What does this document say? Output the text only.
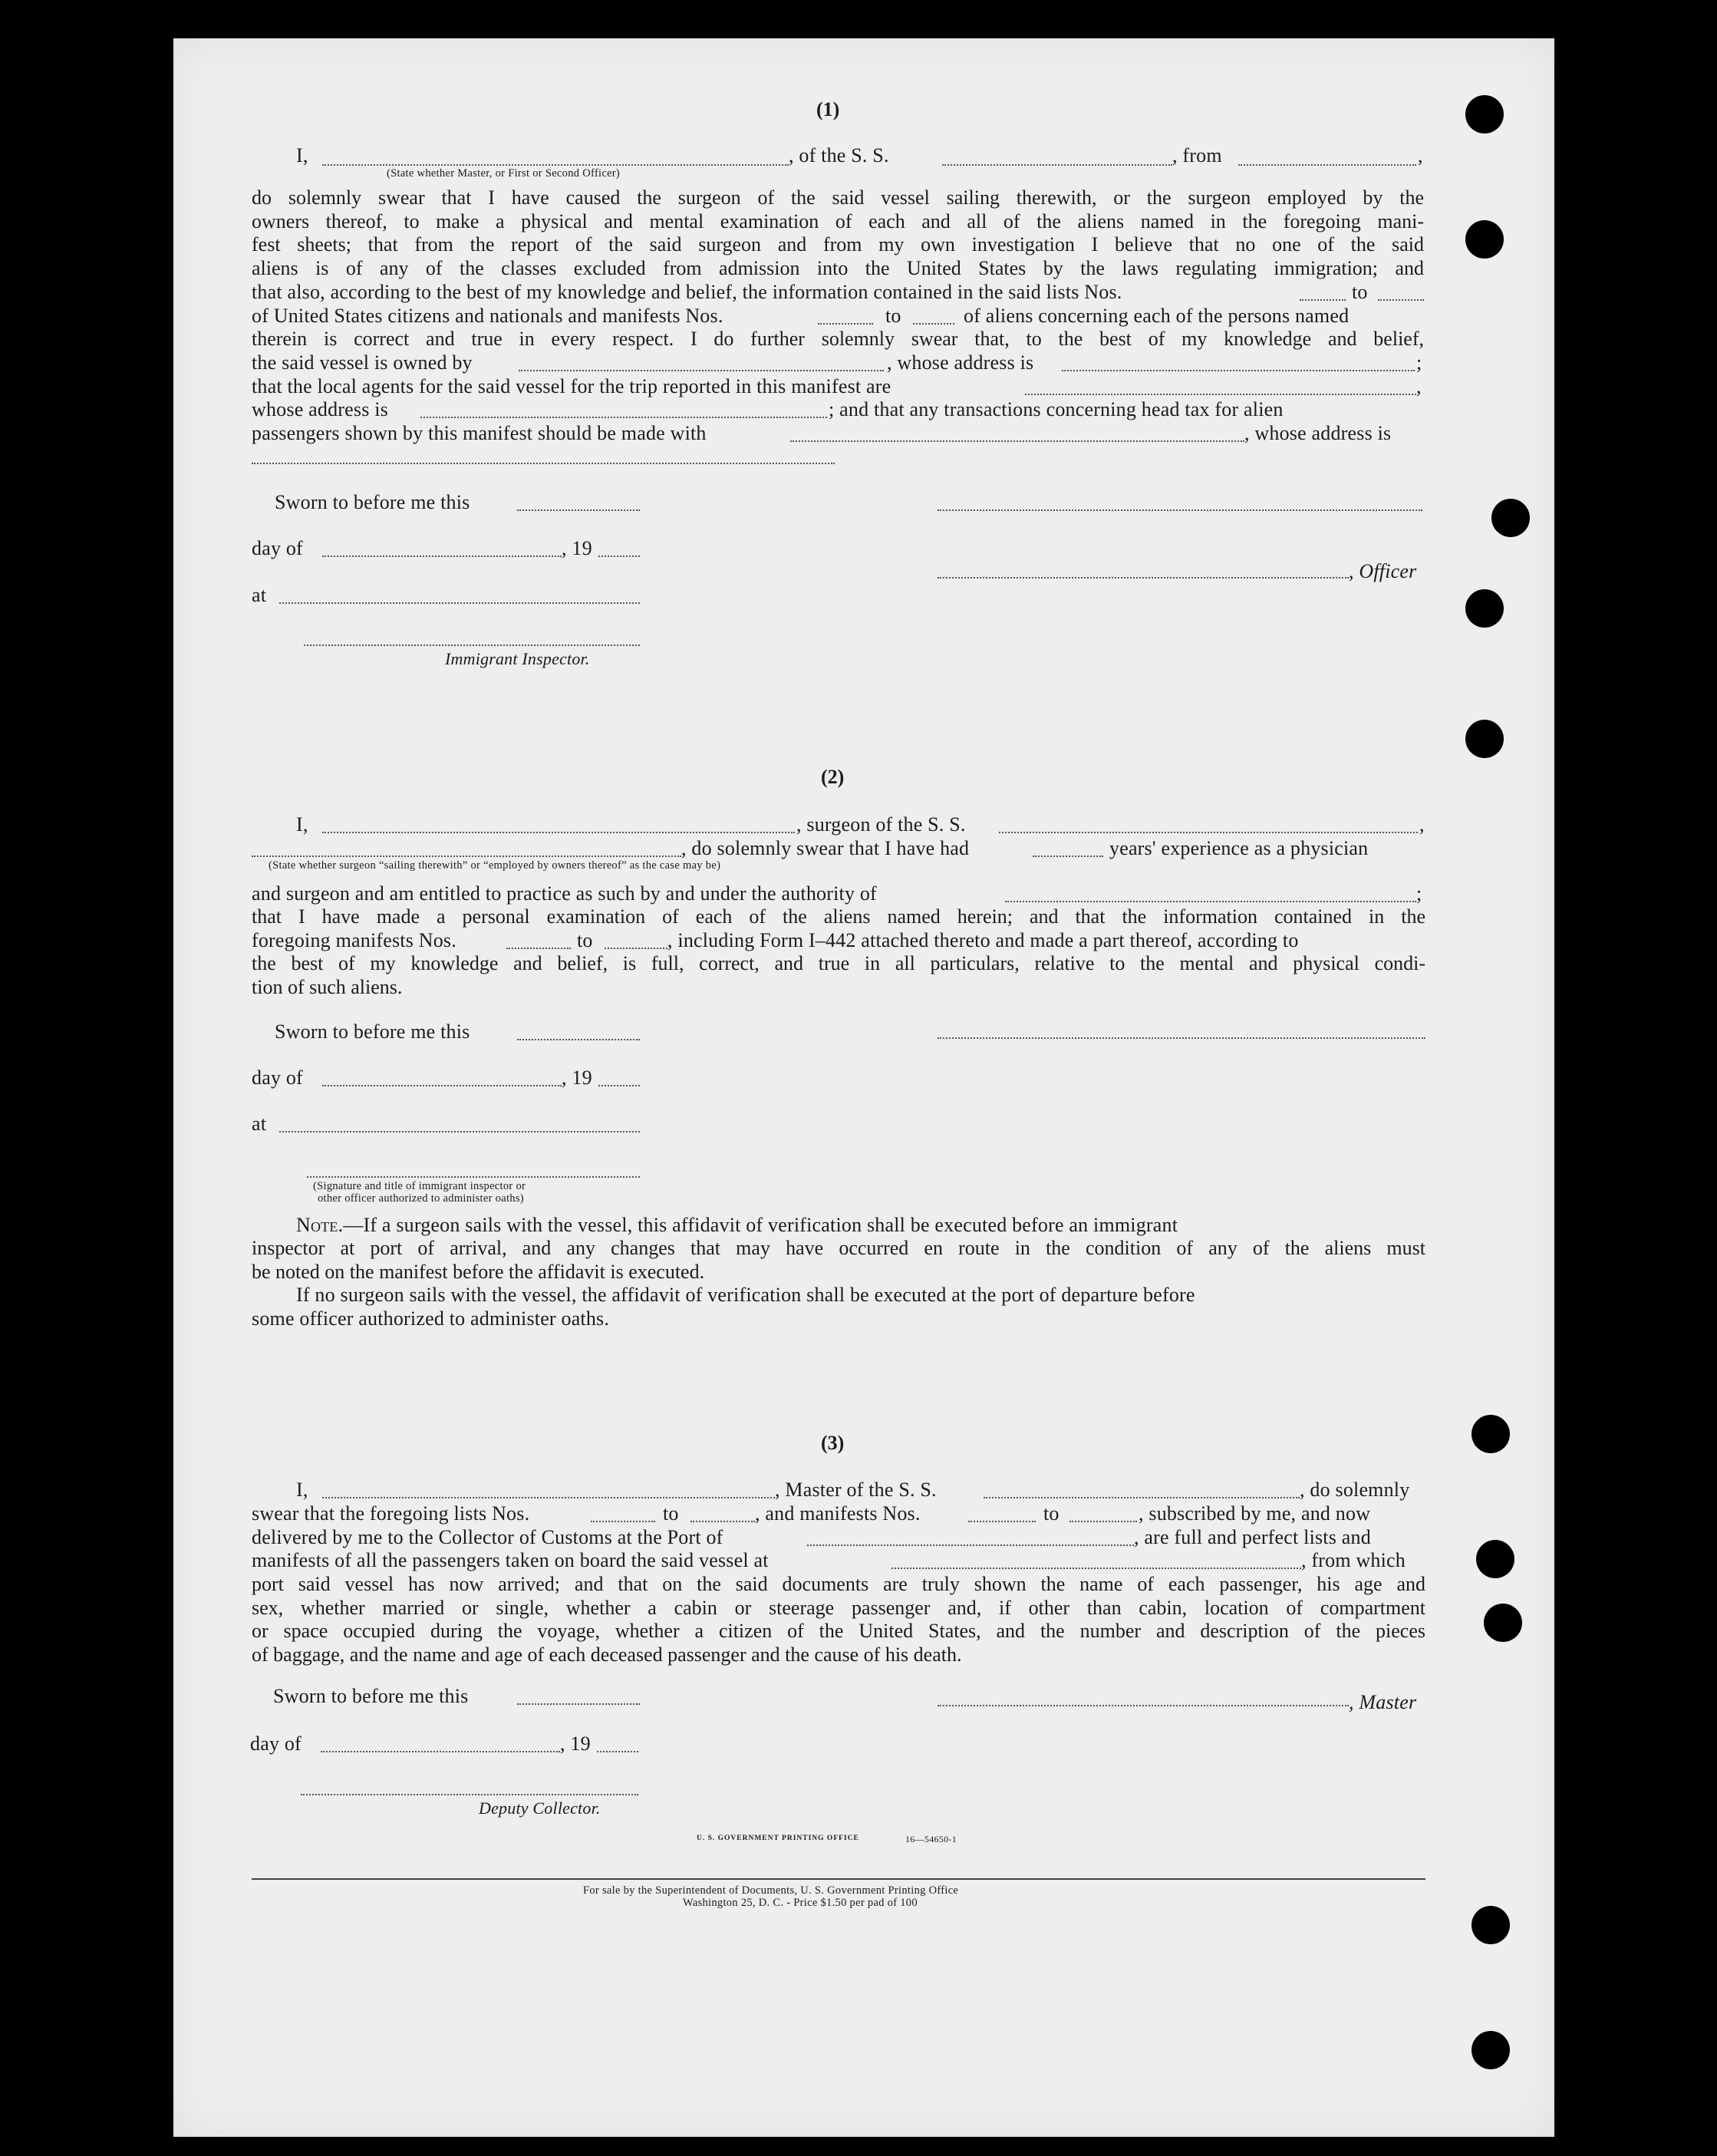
(1)
I,	, of the S. S.	, from	,
(State whether Master, or First or Second Officer)
do solemnly swear that I have caused the surgeon of the said vessel sailing therewith, or the surgeon employed by the
owners thereof, to make a physical and mental examination of each and all of the aliens named in the foregoing mani-
fest sheets; that from the report of the said surgeon and from my own investigation I believe that no one of the said
aliens is of any of the classes excluded from admission into the United States by the laws regulating immigration; and
that also, according to the best of my knowledge and belief, the information contained in the said lists Nos.	to
of United States citizens and nationals and manifests Nos.	to	of aliens concerning each of the persons named
therein is correct and true in every respect. I do further solemnly swear that, to the best of my knowledge and belief,
the said vessel is owned by	, whose address is	;
that the local agents for the said vessel for the trip reported in this manifest are	,
whose address is	; and that any transactions concerning head tax for alien
passengers shown by this manifest should be made with	, whose address is
Sworn to before me this
day of	, 19
at
Immigrant Inspector.
, Officer
(2)
I,	, surgeon of the S. S.	,
, do solemnly swear that I have had	years' experience as a physician
(State whether surgeon “sailing therewith” or “employed by owners thereof” as the case may be)
and surgeon and am entitled to practice as such by and under the authority of	;
that I have made a personal examination of each of the aliens named herein; and that the information contained in the
foregoing manifests Nos.	to	, including Form I–442 attached thereto and made a part thereof, according to
the best of my knowledge and belief, is full, correct, and true in all particulars, relative to the mental and physical condi-
tion of such aliens.
Sworn to before me this
day of	, 19
at
(Signature and title of immigrant inspector or
other officer authorized to administer oaths)
Note.—If a surgeon sails with the vessel, this affidavit of verification shall be executed before an immigrant
inspector at port of arrival, and any changes that may have occurred en route in the condition of any of the aliens must
be noted on the manifest before the affidavit is executed.
If no surgeon sails with the vessel, the affidavit of verification shall be executed at the port of departure before
some officer authorized to administer oaths.
(3)
I,	, Master of the S. S.	, do solemnly
swear that the foregoing lists Nos.	to	, and manifests Nos.	to	, subscribed by me, and now
delivered by me to the Collector of Customs at the Port of	, are full and perfect lists and
manifests of all the passengers taken on board the said vessel at	, from which
port said vessel has now arrived; and that on the said documents are truly shown the name of each passenger, his age and
sex, whether married or single, whether a cabin or steerage passenger and, if other than cabin, location of compartment
or space occupied during the voyage, whether a citizen of the United States, and the number and description of the pieces
of baggage, and the name and age of each deceased passenger and the cause of his death.
Sworn to before me this
day of	, 19
Deputy Collector.
, Master
U. S. GOVERNMENT PRINTING OFFICE	16—54650-1
For sale by the Superintendent of Documents, U. S. Government Printing Office
Washington 25, D. C. - Price $1.50 per pad of 100
